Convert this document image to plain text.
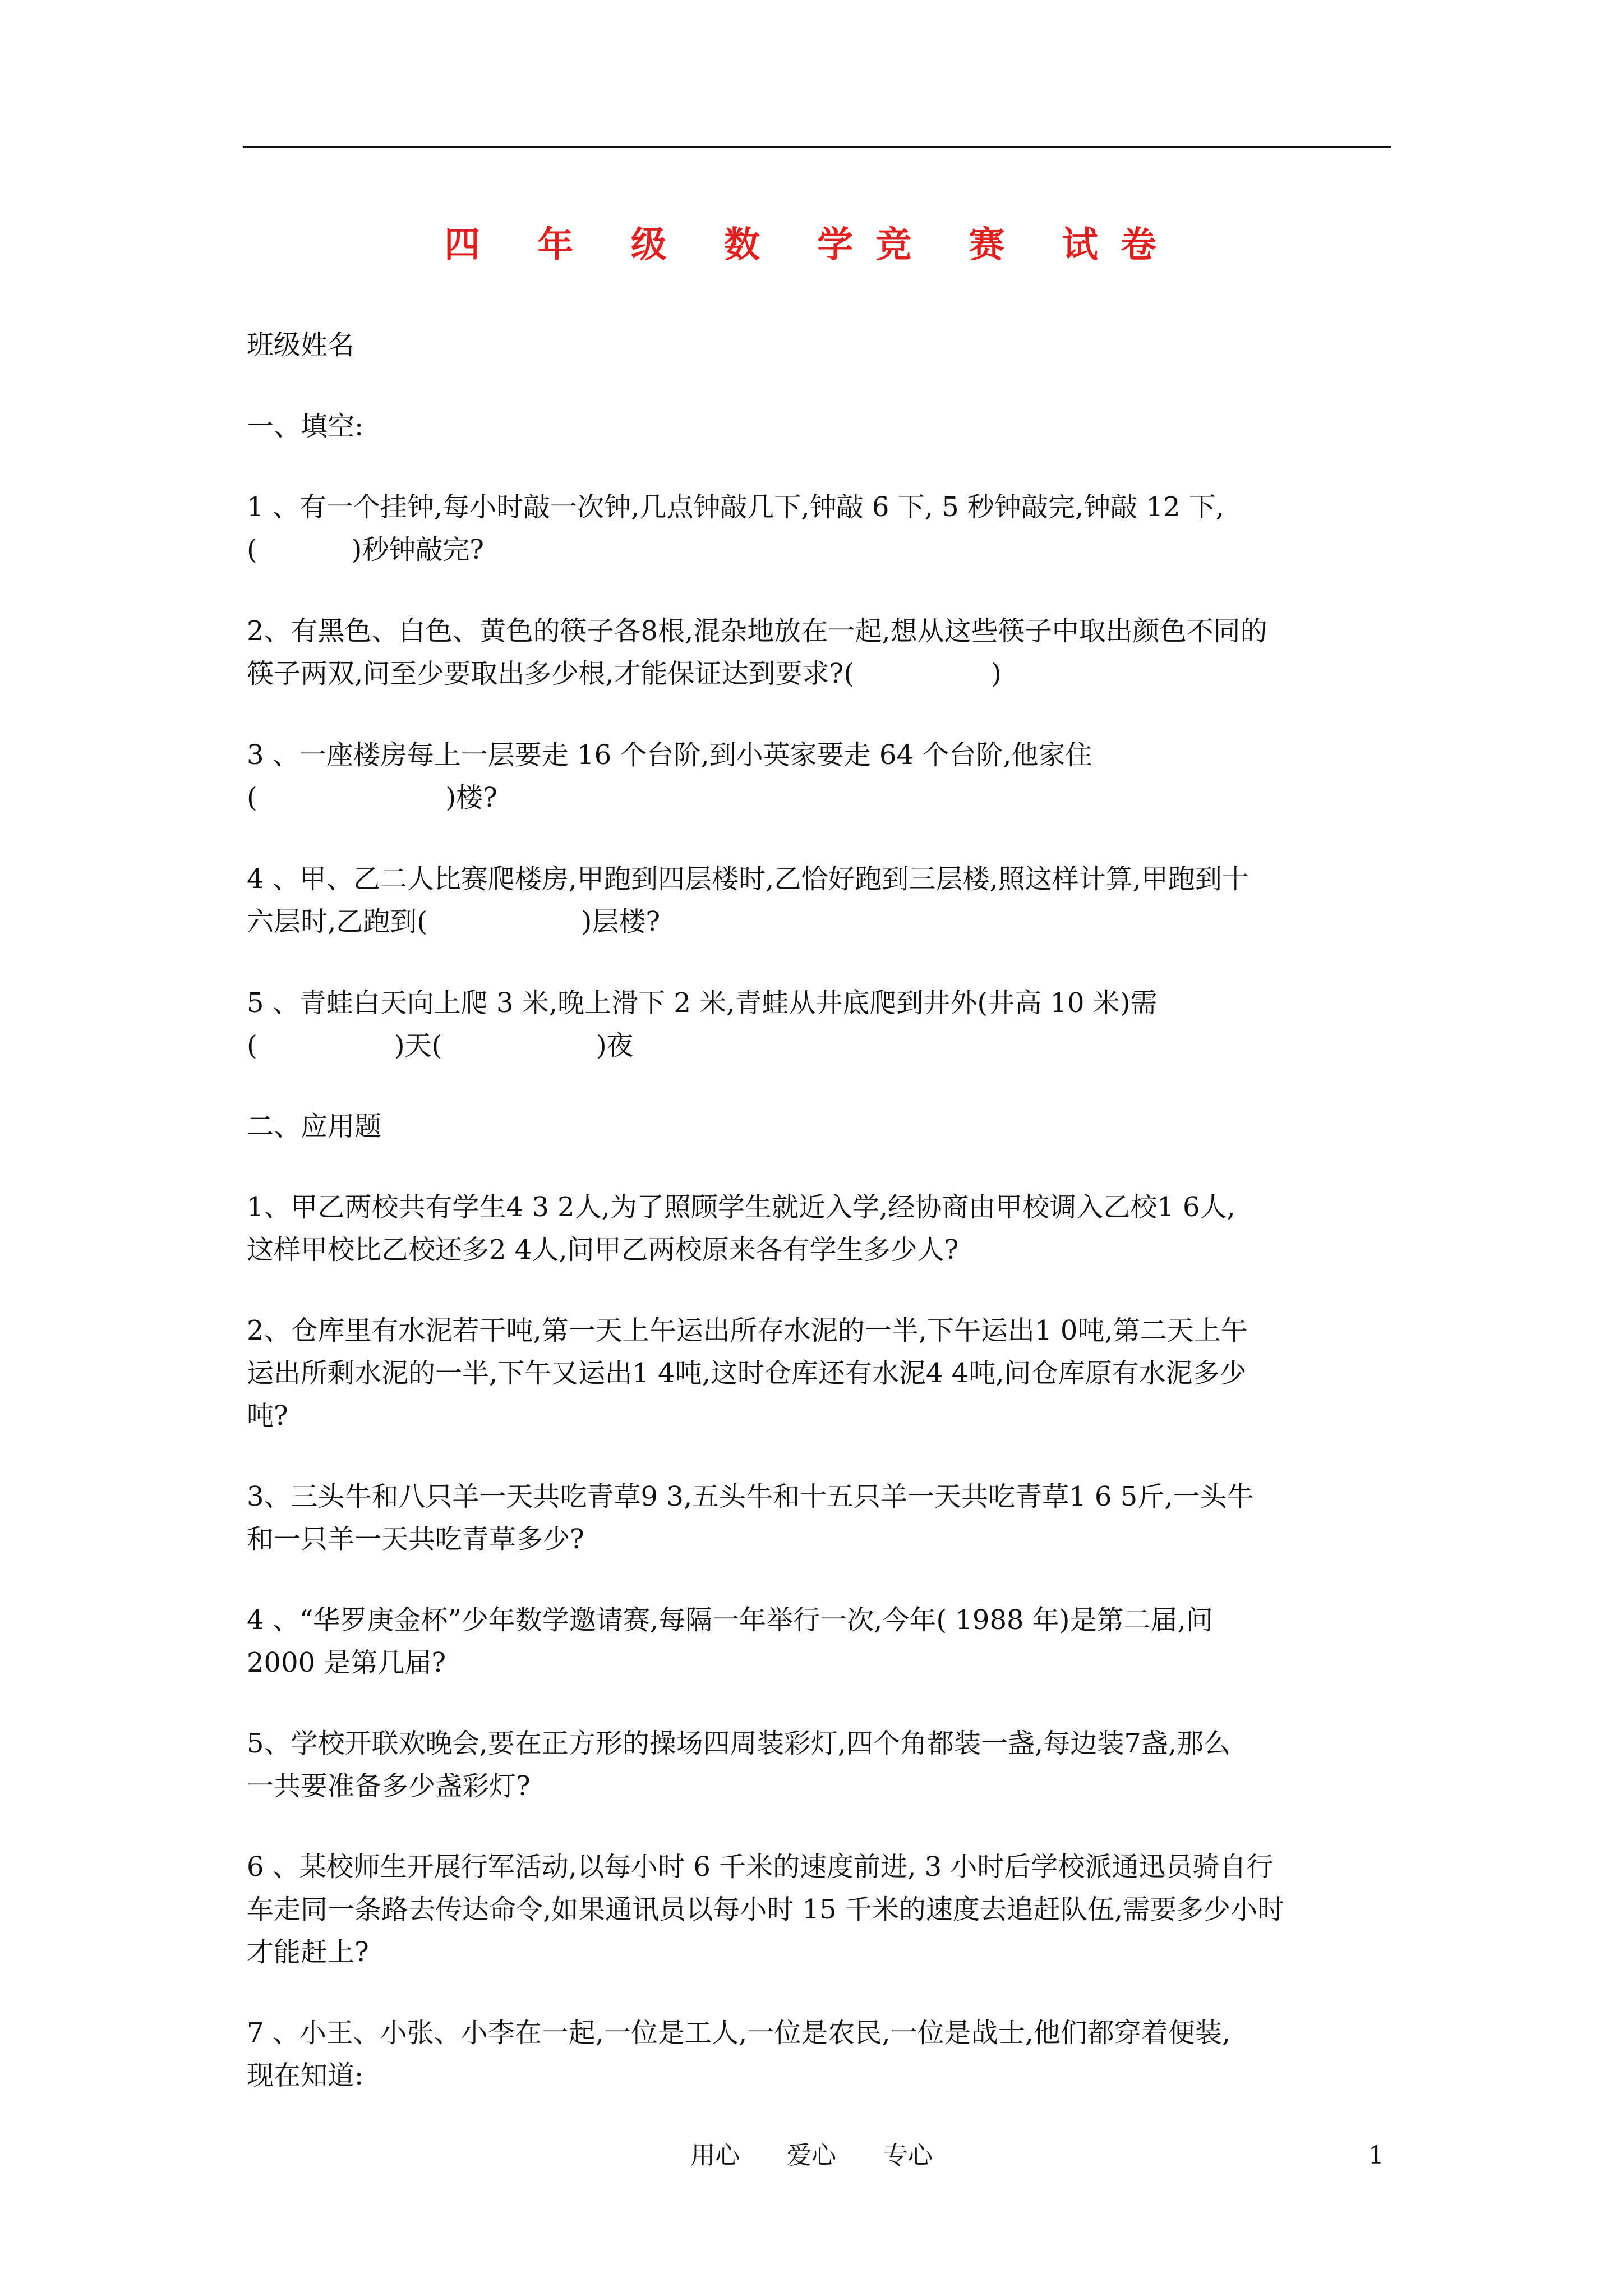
四 年 级 数 学竞 赛 试卷
班级姓名
一、填空:
1 、有一个挂钟,每小时敲一次钟,几点钟敲几下,钟敲 6 下, 5 秒钟敲完,钟敲 12 下,
(           )秒钟敲完?
2、有黑色、白色、黄色的筷子各8根,混杂地放在一起,想从这些筷子中取出颜色不同的
筷子两双,问至少要取出多少根,才能保证达到要求?(                )
3 、一座楼房每上一层要走 16 个台阶,到小英家要走 64 个台阶,他家住
(                      )楼?
4 、甲、乙二人比赛爬楼房,甲跑到四层楼时,乙恰好跑到三层楼,照这样计算,甲跑到十
六层时,乙跑到(                  )层楼?
5 、青蛙白天向上爬 3 米,晚上滑下 2 米,青蛙从井底爬到井外(井高 10 米)需
(                )天(                  )夜
二、应用题
1、甲乙两校共有学生4 3 2人,为了照顾学生就近入学,经协商由甲校调入乙校1 6人,
这样甲校比乙校还多2 4人,问甲乙两校原来各有学生多少人?
2、仓库里有水泥若干吨,第一天上午运出所存水泥的一半,下午运出1 0吨,第二天上午
运出所剩水泥的一半,下午又运出1 4吨,这时仓库还有水泥4 4吨,问仓库原有水泥多少
吨?
3、三头牛和八只羊一天共吃青草9 3,五头牛和十五只羊一天共吃青草1 6 5斤,一头牛
和一只羊一天共吃青草多少?
4 、“华罗庚金杯”少年数学邀请赛,每隔一年举行一次,今年( 1988 年)是第二届,问
2000 是第几届?
5、学校开联欢晚会,要在正方形的操场四周装彩灯,四个角都装一盏,每边装7盏,那么
一共要准备多少盏彩灯?
6 、某校师生开展行军活动,以每小时 6 千米的速度前进, 3 小时后学校派通迅员骑自行
车走同一条路去传达命令,如果通讯员以每小时 15 千米的速度去追赶队伍,需要多少小时
才能赶上?
7 、小王、小张、小李在一起,一位是工人,一位是农民,一位是战士,他们都穿着便装,
现在知道:
用心      爱心      专心	1
